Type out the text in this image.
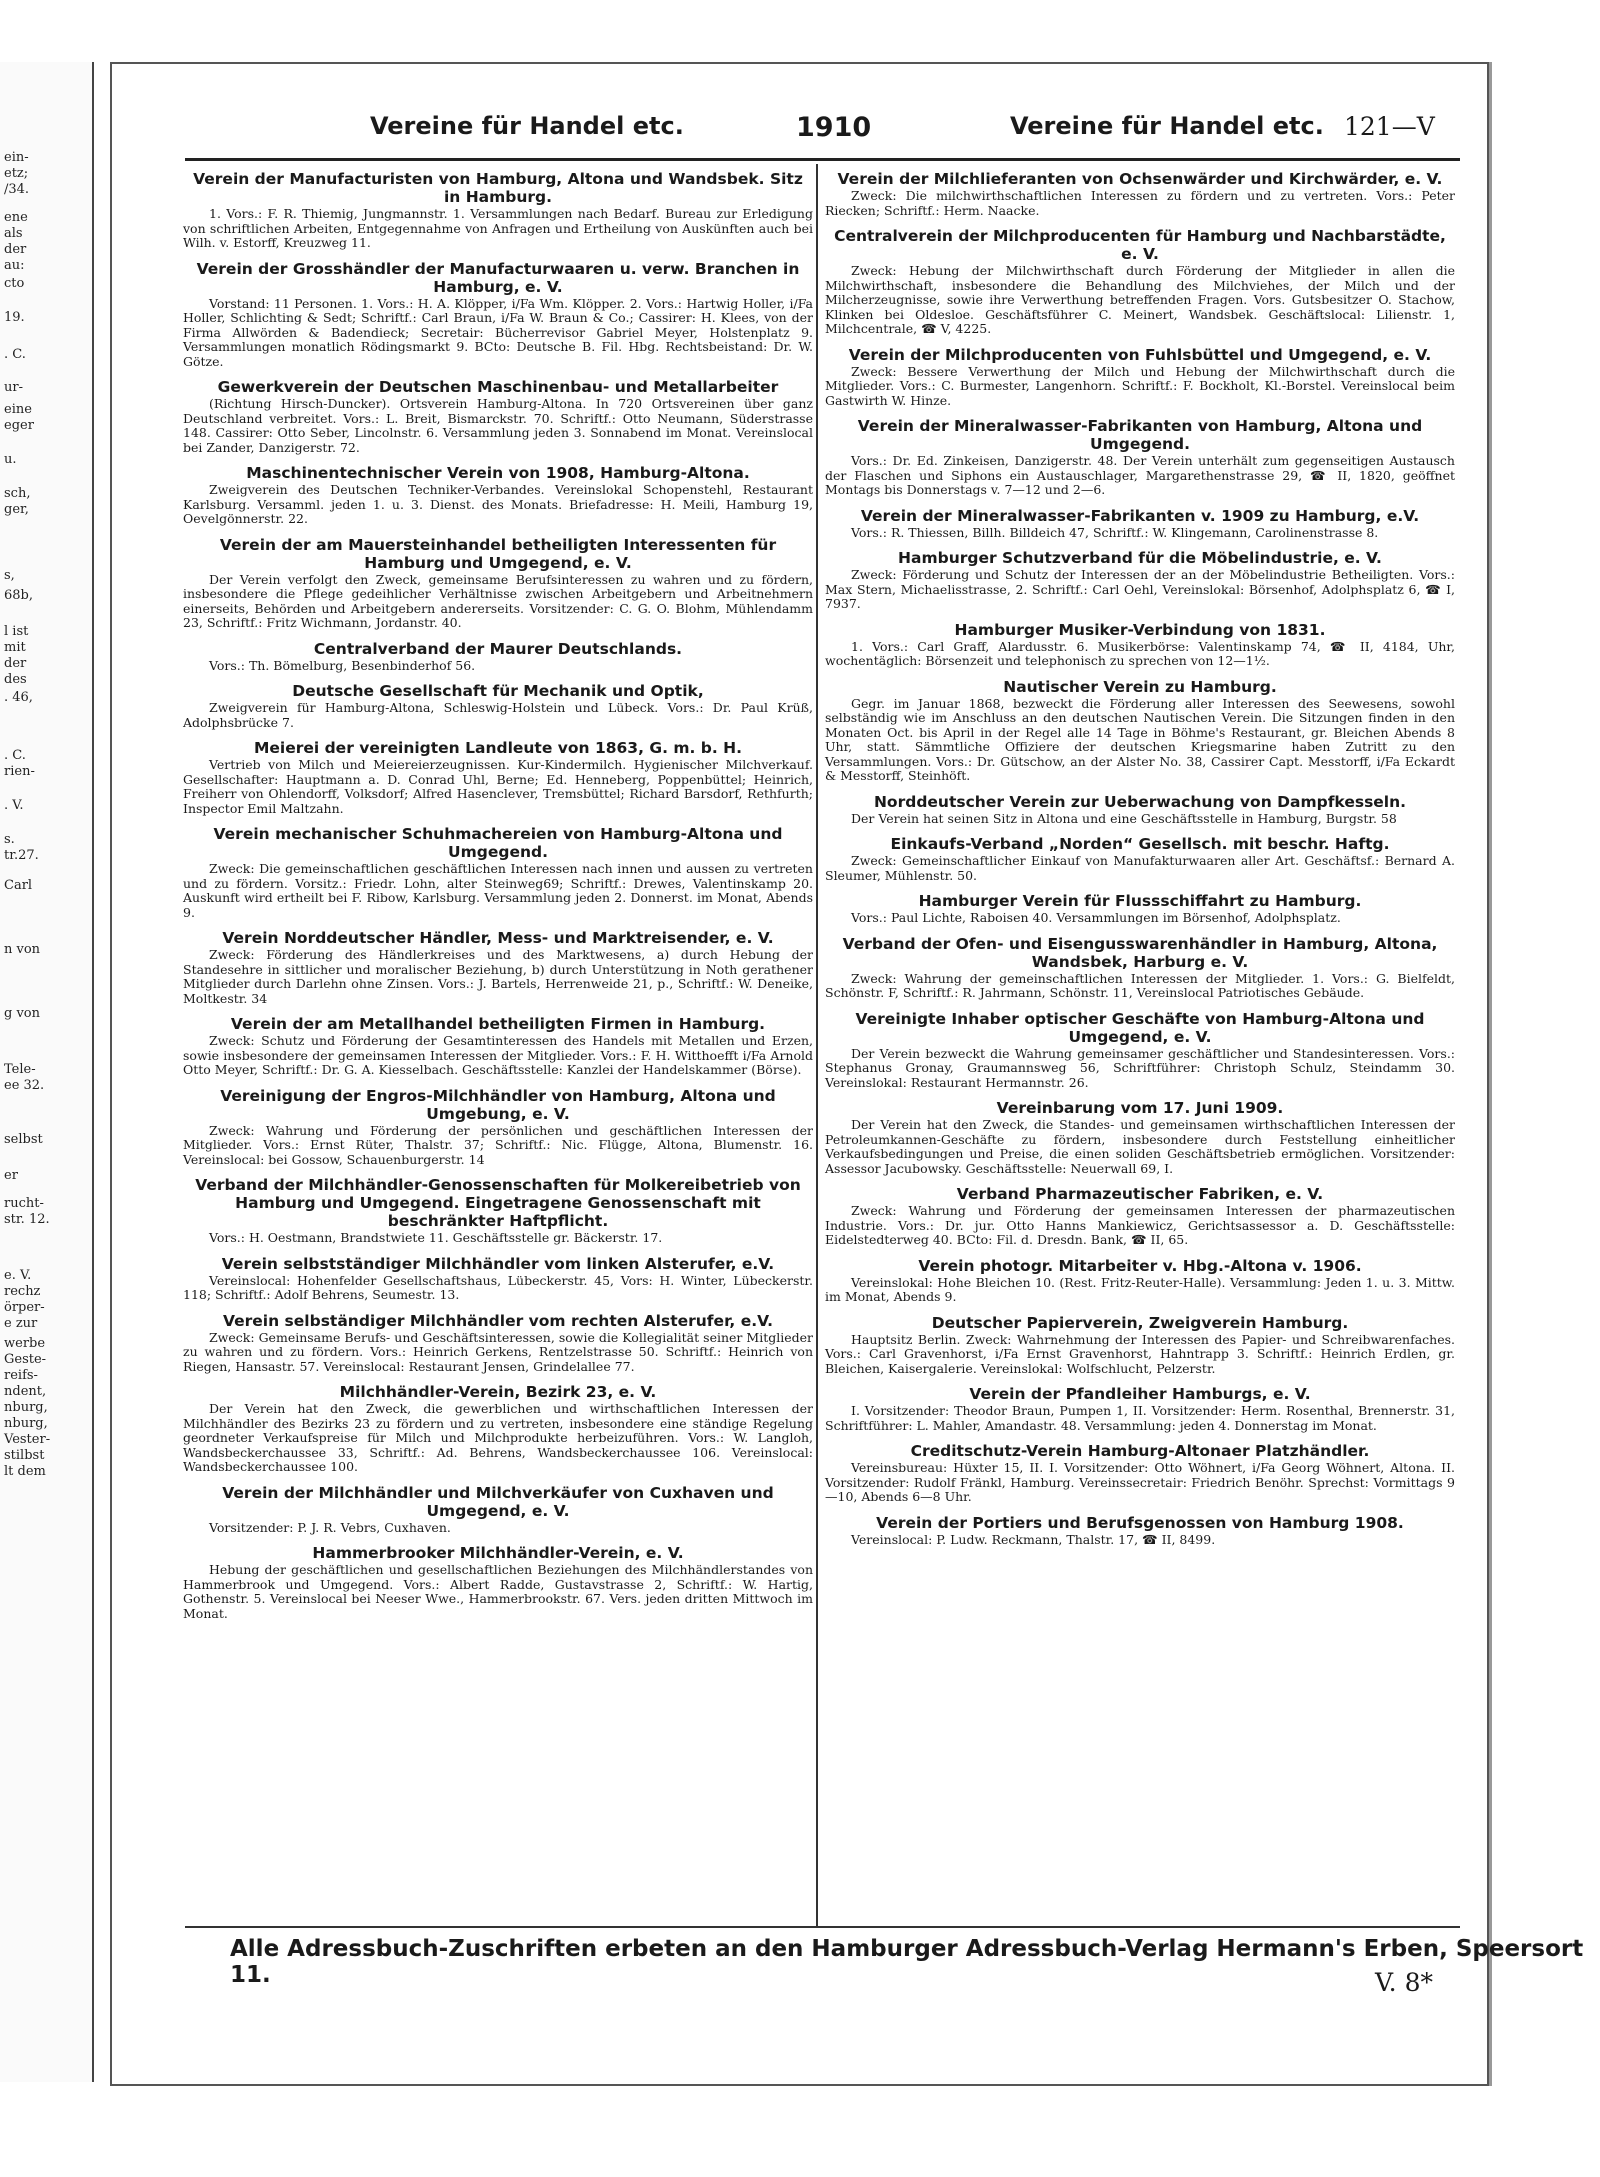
ein-
etz;
/34.
ene
als
der
au:
cto
19.
. C.
ur-
eine
eger
u.
sch,
ger,
s,
68b,
l ist
mit
der
des
. 46,
. C.
rien-
. V.
s.
tr.27.
Carl
n von
g von
Tele-
ee 32.
selbst
er
rucht-
str. 12.
e. V.
rechz
örper-
e zur
werbe
Geste-
reifs-
ndent,
nburg,
nburg,
Vester-
stilbst
lt dem
Vereine für Handel etc.	1910	Vereine für Handel etc. 121—V
Verein der Manufacturisten von Hamburg, Altona und Wandsbek. Sitz in Hamburg.

1. Vors.: F. R. Thiemig, Jungmannstr. 1. Versammlungen nach Bedarf. Bureau zur Erledigung von schriftlichen Arbeiten, Entgegennahme von Anfragen und Ertheilung von Auskünften auch bei Wilh. v. Estorff, Kreuzweg 11.

Verein der Grosshändler der Manufacturwaaren u. verw. Branchen in Hamburg, e. V.

Vorstand: 11 Personen. 1. Vors.: H. A. Klöpper, i/Fa Wm. Klöpper. 2. Vors.: Hartwig Holler, i/Fa Holler, Schlichting & Sedt; Schriftf.: Carl Braun, i/Fa W. Braun & Co.; Cassirer: H. Klees, von der Firma Allwörden & Badendieck; Secretair: Bücherrevisor Gabriel Meyer, Holstenplatz 9. Versammlungen monatlich Rödingsmarkt 9. BCto: Deutsche B. Fil. Hbg. Rechtsbeistand: Dr. W. Götze.

Gewerkverein der Deutschen Maschinenbau- und Metallarbeiter

(Richtung Hirsch-Duncker). Ortsverein Hamburg-Altona. In 720 Ortsvereinen über ganz Deutschland verbreitet. Vors.: L. Breit, Bismarckstr. 70. Schriftf.: Otto Neumann, Süderstrasse 148. Cassirer: Otto Seber, Lincolnstr. 6. Versammlung jeden 3. Sonnabend im Monat. Vereinslocal bei Zander, Danzigerstr. 72.

Maschinentechnischer Verein von 1908, Hamburg-Altona.

Zweigverein des Deutschen Techniker-Verbandes. Vereinslokal Schopenstehl, Restaurant Karlsburg. Versamml. jeden 1. u. 3. Dienst. des Monats. Briefadresse: H. Meili, Hamburg 19, Oevelgönnerstr. 22.

Verein der am Mauersteinhandel betheiligten Interessenten für Hamburg und Umgegend, e. V.

Der Verein verfolgt den Zweck, gemeinsame Berufsinteressen zu wahren und zu fördern, insbesondere die Pflege gedeihlicher Verhältnisse zwischen Arbeitgebern und Arbeitnehmern einerseits, Behörden und Arbeitgebern andererseits. Vorsitzender: C. G. O. Blohm, Mühlendamm 23, Schriftf.: Fritz Wichmann, Jordanstr. 40.

Centralverband der Maurer Deutschlands.

Vors.: Th. Bömelburg, Besenbinderhof 56.

Deutsche Gesellschaft für Mechanik und Optik,

Zweigverein für Hamburg-Altona, Schleswig-Holstein und Lübeck. Vors.: Dr. Paul Krüß, Adolphsbrücke 7.

Meierei der vereinigten Landleute von 1863, G. m. b. H.

Vertrieb von Milch und Meiereierzeugnissen. Kur-Kindermilch. Hygienischer Milchverkauf. Gesellschafter: Hauptmann a. D. Conrad Uhl, Berne; Ed. Henneberg, Poppenbüttel; Heinrich, Freiherr von Ohlendorff, Volksdorf; Alfred Hasenclever, Tremsbüttel; Richard Barsdorf, Rethfurth; Inspector Emil Maltzahn.

Verein mechanischer Schuhmachereien von Hamburg-Altona und Umgegend.

Zweck: Die gemeinschaftlichen geschäftlichen Interessen nach innen und aussen zu vertreten und zu fördern. Vorsitz.: Friedr. Lohn, alter Steinweg69; Schriftf.: Drewes, Valentinskamp 20. Auskunft wird ertheilt bei F. Ribow, Karlsburg. Versammlung jeden 2. Donnerst. im Monat, Abends 9.

Verein Norddeutscher Händler, Mess- und Marktreisender, e. V.

Zweck: Förderung des Händlerkreises und des Marktwesens, a) durch Hebung der Standesehre in sittlicher und moralischer Beziehung, b) durch Unterstützung in Noth gerathener Mitglieder durch Darlehn ohne Zinsen. Vors.: J. Bartels, Herrenweide 21, p., Schriftf.: W. Deneike, Moltkestr. 34

Verein der am Metallhandel betheiligten Firmen in Hamburg.

Zweck: Schutz und Förderung der Gesamtinteressen des Handels mit Metallen und Erzen, sowie insbesondere der gemeinsamen Interessen der Mitglieder. Vors.: F. H. Witthoefft i/Fa Arnold Otto Meyer, Schriftf.: Dr. G. A. Kiesselbach. Geschäftsstelle: Kanzlei der Handelskammer (Börse).

Vereinigung der Engros-Milchhändler von Hamburg, Altona und Umgebung, e. V.

Zweck: Wahrung und Förderung der persönlichen und geschäftlichen Interessen der Mitglieder. Vors.: Ernst Rüter, Thalstr. 37; Schriftf.: Nic. Flügge, Altona, Blumenstr. 16. Vereinslocal: bei Gossow, Schauenburgerstr. 14

Verband der Milchhändler-Genossenschaften für Molkereibetrieb von Hamburg und Umgegend. Eingetragene Genossenschaft mit beschränkter Haftpflicht.

Vors.: H. Oestmann, Brandstwiete 11. Geschäftsstelle gr. Bäckerstr. 17.

Verein selbstständiger Milchhändler vom linken Alsterufer, e.V.

Vereinslocal: Hohenfelder Gesellschaftshaus, Lübeckerstr. 45, Vors: H. Winter, Lübeckerstr. 118; Schriftf.: Adolf Behrens, Seumestr. 13.

Verein selbständiger Milchhändler vom rechten Alsterufer, e.V.

Zweck: Gemeinsame Berufs- und Geschäftsinteressen, sowie die Kollegialität seiner Mitglieder zu wahren und zu fördern. Vors.: Heinrich Gerkens, Rentzelstrasse 50. Schriftf.: Heinrich von Riegen, Hansastr. 57. Vereinslocal: Restaurant Jensen, Grindelallee 77.

Milchhändler-Verein, Bezirk 23, e. V.

Der Verein hat den Zweck, die gewerblichen und wirthschaftlichen Interessen der Milchhändler des Bezirks 23 zu fördern und zu vertreten, insbesondere eine ständige Regelung geordneter Verkaufspreise für Milch und Milchprodukte herbeizuführen. Vors.: W. Langloh, Wandsbeckerchaussee 33, Schriftf.: Ad. Behrens, Wandsbeckerchaussee 106. Vereinslocal: Wandsbeckerchaussee 100.

Verein der Milchhändler und Milchverkäufer von Cuxhaven und Umgegend, e. V.

Vorsitzender: P. J. R. Vebrs, Cuxhaven.

Hammerbrooker Milchhändler-Verein, e. V.

Hebung der geschäftlichen und gesellschaftlichen Beziehungen des Milchhändlerstandes von Hammerbrook und Umgegend. Vors.: Albert Radde, Gustavstrasse 2, Schriftf.: W. Hartig, Gothenstr. 5. Vereinslocal bei Neeser Wwe., Hammerbrookstr. 67. Vers. jeden dritten Mittwoch im Monat.

Verein der Milchlieferanten von Ochsenwärder und Kirchwärder, e. V.

Zweck: Die milchwirthschaftlichen Interessen zu fördern und zu vertreten. Vors.: Peter Riecken; Schriftf.: Herm. Naacke.

Centralverein der Milchproducenten für Hamburg und Nachbarstädte, e. V.

Zweck: Hebung der Milchwirthschaft durch Förderung der Mitglieder in allen die Milchwirthschaft, insbesondere die Behandlung des Milchviehes, der Milch und der Milcherzeugnisse, sowie ihre Verwerthung betreffenden Fragen. Vors. Gutsbesitzer O. Stachow, Klinken bei Oldesloe. Geschäftsführer C. Meinert, Wandsbek. Geschäftslocal: Lilienstr. 1, Milchcentrale, ☎ V, 4225.

Verein der Milchproducenten von Fuhlsbüttel und Umgegend, e. V.

Zweck: Bessere Verwerthung der Milch und Hebung der Milchwirthschaft durch die Mitglieder. Vors.: C. Burmester, Langenhorn. Schriftf.: F. Bockholt, Kl.-Borstel. Vereinslocal beim Gastwirth W. Hinze.

Verein der Mineralwasser-Fabrikanten von Hamburg, Altona und Umgegend.

Vors.: Dr. Ed. Zinkeisen, Danzigerstr. 48. Der Verein unterhält zum gegenseitigen Austausch der Flaschen und Siphons ein Austauschlager, Margarethenstrasse 29, ☎ II, 1820, geöffnet Montags bis Donnerstags v. 7—12 und 2—6.

Verein der Mineralwasser-Fabrikanten v. 1909 zu Hamburg, e.V.

Vors.: R. Thiessen, Billh. Billdeich 47, Schriftf.: W. Klingemann, Carolinenstrasse 8.

Hamburger Schutzverband für die Möbelindustrie, e. V.

Zweck: Förderung und Schutz der Interessen der an der Möbelindustrie Betheiligten. Vors.: Max Stern, Michaelisstrasse, 2. Schriftf.: Carl Oehl, Vereinslokal: Börsenhof, Adolphsplatz 6, ☎ I, 7937.

Hamburger Musiker-Verbindung von 1831.

1. Vors.: Carl Graff, Alardusstr. 6. Musikerbörse: Valentinskamp 74, ☎ II, 4184, Uhr, wochentäglich: Börsenzeit und telephonisch zu sprechen von 12—1½.

Nautischer Verein zu Hamburg.

Gegr. im Januar 1868, bezweckt die Förderung aller Interessen des Seewesens, sowohl selbständig wie im Anschluss an den deutschen Nautischen Verein. Die Sitzungen finden in den Monaten Oct. bis April in der Regel alle 14 Tage in Böhme's Restaurant, gr. Bleichen Abends 8 Uhr, statt. Sämmtliche Offiziere der deutschen Kriegsmarine haben Zutritt zu den Versammlungen. Vors.: Dr. Gütschow, an der Alster No. 38, Cassirer Capt. Messtorff, i/Fa Eckardt & Messtorff, Steinhöft.

Norddeutscher Verein zur Ueberwachung von Dampfkesseln.

Der Verein hat seinen Sitz in Altona und eine Geschäftsstelle in Hamburg, Burgstr. 58

Einkaufs-Verband „Norden“ Gesellsch. mit beschr. Haftg.

Zweck: Gemeinschaftlicher Einkauf von Manufakturwaaren aller Art. Geschäftsf.: Bernard A. Sleumer, Mühlenstr. 50.

Hamburger Verein für Flussschiffahrt zu Hamburg.

Vors.: Paul Lichte, Raboisen 40. Versammlungen im Börsenhof, Adolphsplatz.

Verband der Ofen- und Eisengusswarenhändler in Hamburg, Altona, Wandsbek, Harburg e. V.

Zweck: Wahrung der gemeinschaftlichen Interessen der Mitglieder. 1. Vors.: G. Bielfeldt, Schönstr. F, Schriftf.: R. Jahrmann, Schönstr. 11, Vereinslocal Patriotisches Gebäude.

Vereinigte Inhaber optischer Geschäfte von Hamburg-Altona und Umgegend, e. V.

Der Verein bezweckt die Wahrung gemeinsamer geschäftlicher und Standesinteressen. Vors.: Stephanus Gronay, Graumannsweg 56, Schriftführer: Christoph Schulz, Steindamm 30. Vereinslokal: Restaurant Hermannstr. 26.

Vereinbarung vom 17. Juni 1909.

Der Verein hat den Zweck, die Standes- und gemeinsamen wirthschaftlichen Interessen der Petroleumkannen-Geschäfte zu fördern, insbesondere durch Feststellung einheitlicher Verkaufsbedingungen und Preise, die einen soliden Geschäftsbetrieb ermöglichen. Vorsitzender: Assessor Jacubowsky. Geschäftsstelle: Neuerwall 69, I.

Verband Pharmazeutischer Fabriken, e. V.

Zweck: Wahrung und Förderung der gemeinsamen Interessen der pharmazeutischen Industrie. Vors.: Dr. jur. Otto Hanns Mankiewicz, Gerichtsassessor a. D. Geschäftsstelle: Eidelstedterweg 40. BCto: Fil. d. Dresdn. Bank, ☎ II, 65.

Verein photogr. Mitarbeiter v. Hbg.-Altona v. 1906.

Vereinslokal: Hohe Bleichen 10. (Rest. Fritz-Reuter-Halle). Versammlung: Jeden 1. u. 3. Mittw. im Monat, Abends 9.

Deutscher Papierverein, Zweigverein Hamburg.

Hauptsitz Berlin. Zweck: Wahrnehmung der Interessen des Papier- und Schreibwarenfaches. Vors.: Carl Gravenhorst, i/Fa Ernst Gravenhorst, Hahntrapp 3. Schriftf.: Heinrich Erdlen, gr. Bleichen, Kaisergalerie. Vereinslokal: Wolfschlucht, Pelzerstr.

Verein der Pfandleiher Hamburgs, e. V.

I. Vorsitzender: Theodor Braun, Pumpen 1, II. Vorsitzender: Herm. Rosenthal, Brennerstr. 31, Schriftführer: L. Mahler, Amandastr. 48. Versammlung: jeden 4. Donnerstag im Monat.

Creditschutz-Verein Hamburg-Altonaer Platzhändler.

Vereinsbureau: Hüxter 15, II. I. Vorsitzender: Otto Wöhnert, i/Fa Georg Wöhnert, Altona. II. Vorsitzender: Rudolf Fränkl, Hamburg. Vereinssecretair: Friedrich Benöhr. Sprechst: Vormittags 9—10, Abends 6—8 Uhr.

Verein der Portiers und Berufsgenossen von Hamburg 1908.

Vereinslocal: P. Ludw. Reckmann, Thalstr. 17, ☎ II, 8499.

Alle Adressbuch-Zuschriften erbeten an den Hamburger Adressbuch-Verlag Hermann's Erben, Speersort 11.	V. 8*
